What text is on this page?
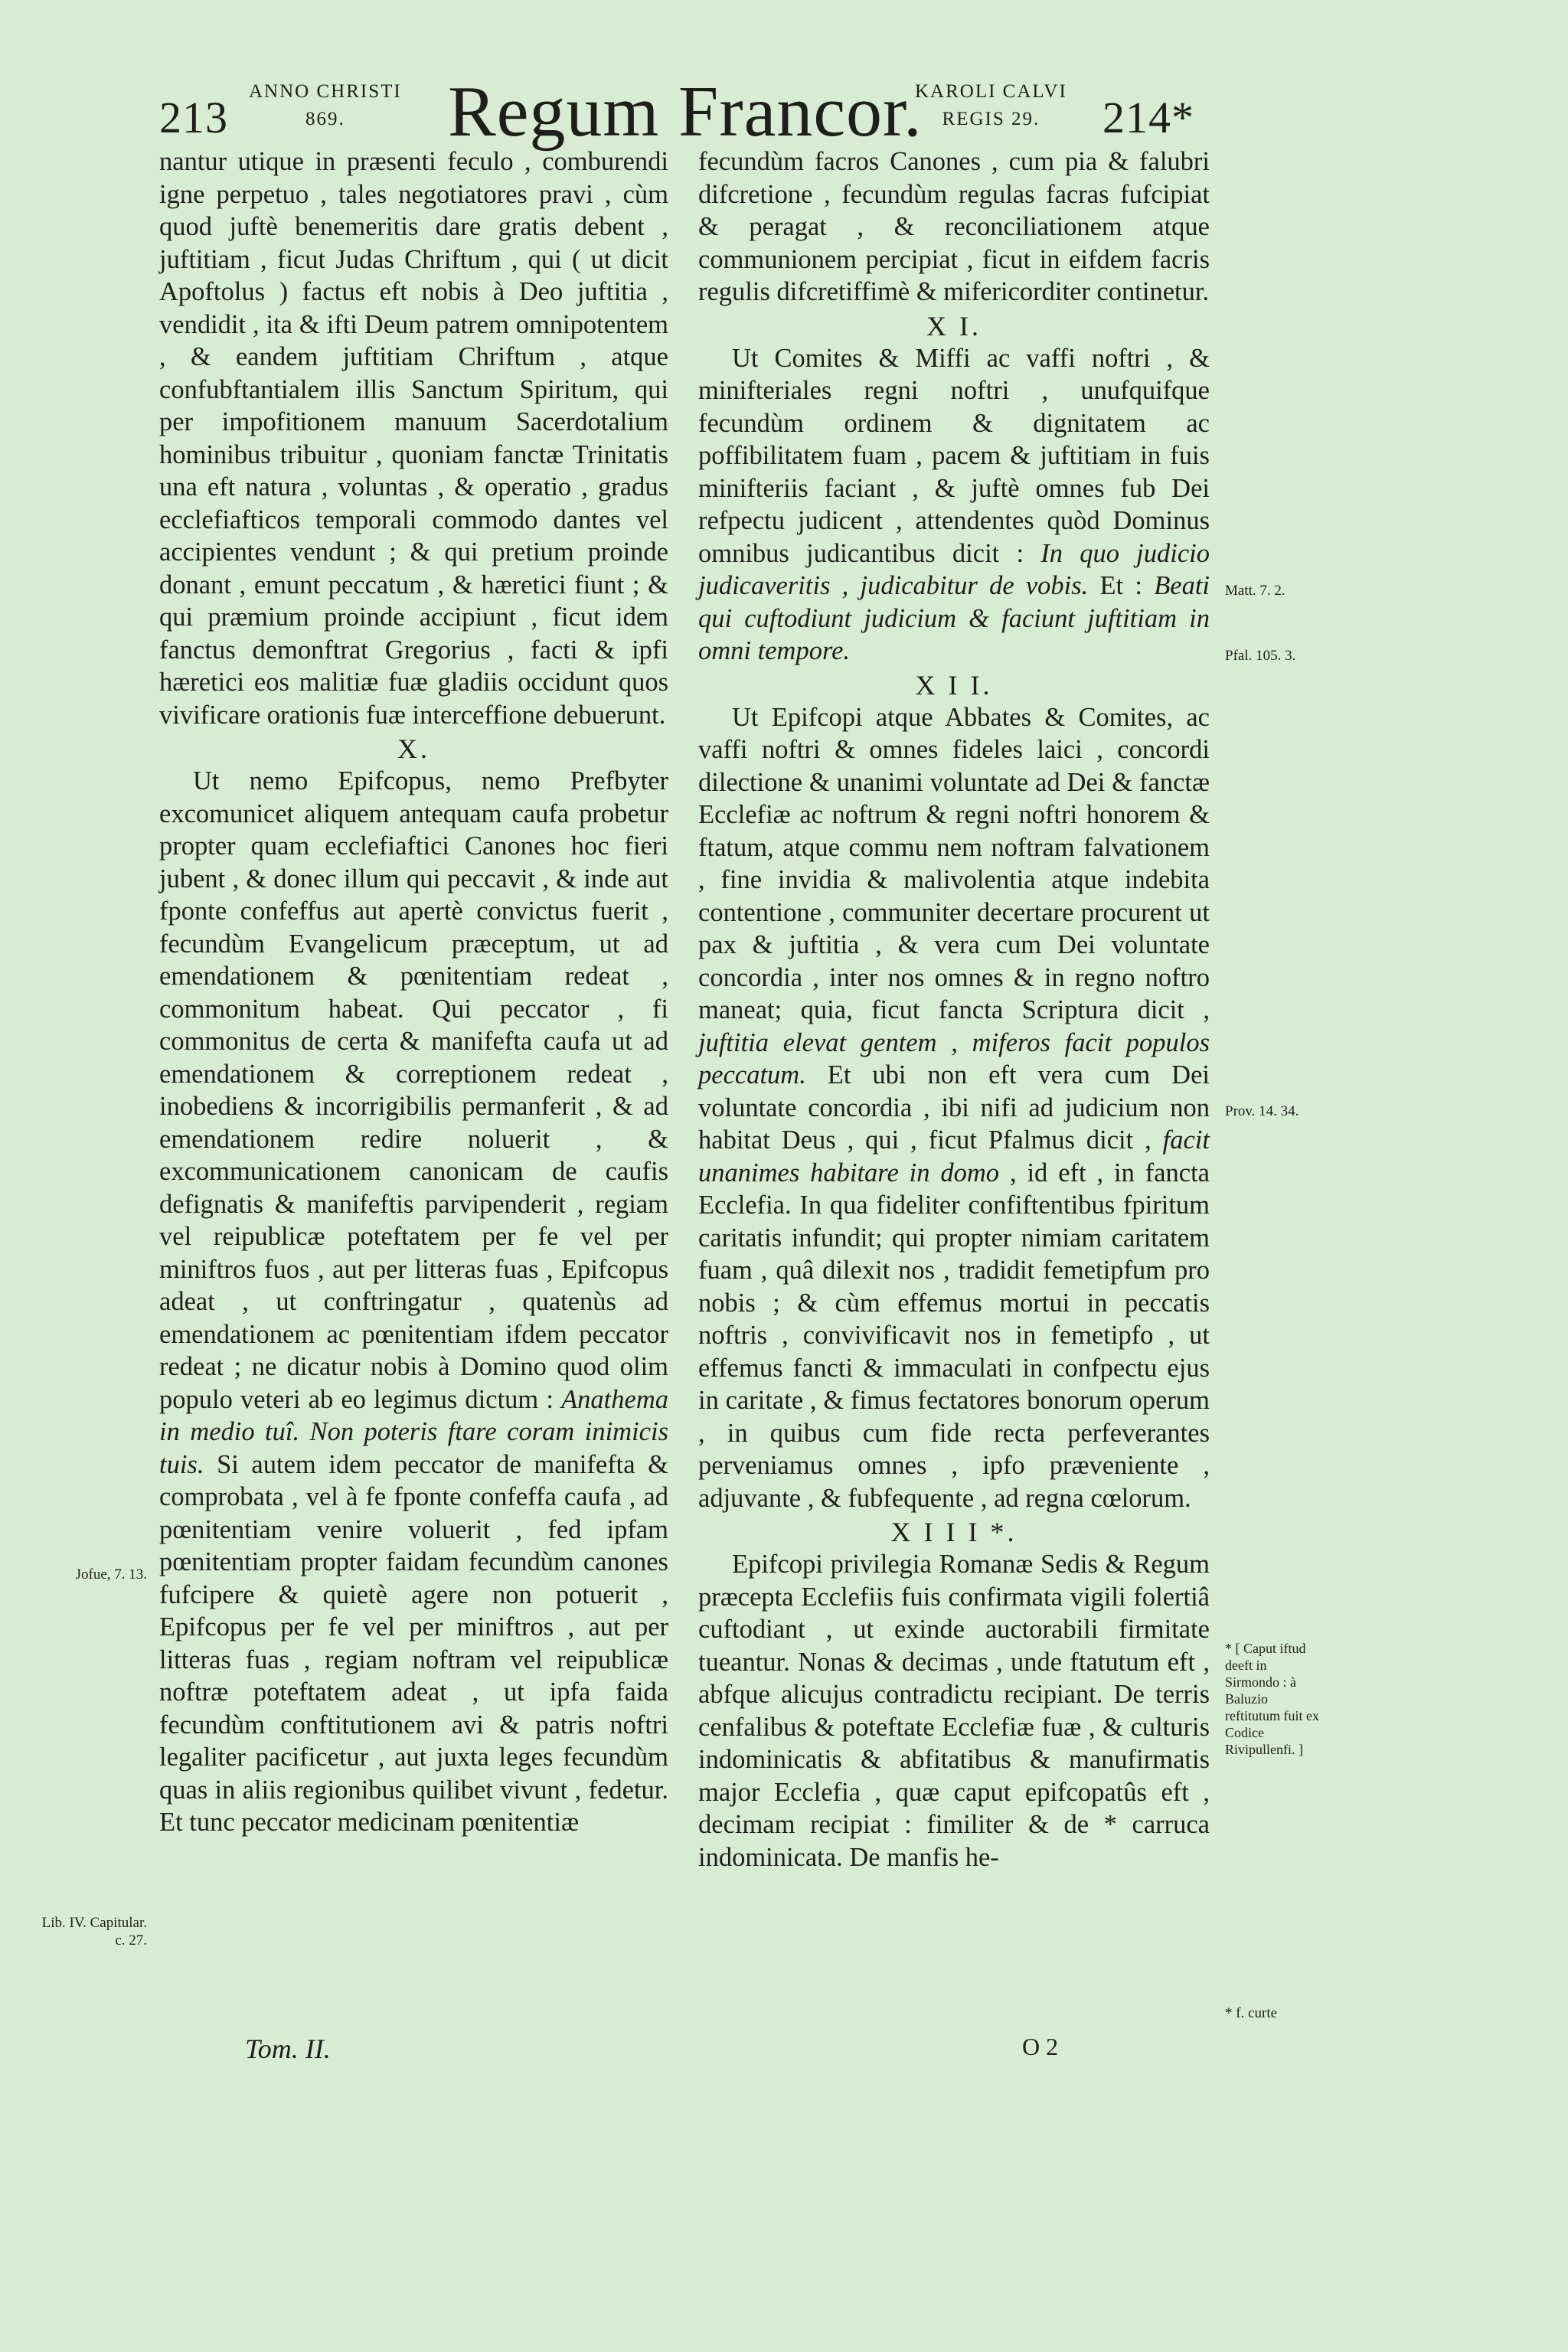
213
ANNO CHRISTI
869.	Regum Francor.
KAROLI CALVI
REGIS 29.	214*

nantur utique in præsenti feculo , comburendi igne perpetuo , tales negotiatores pravi , cùm quod juftè benemeritis dare gratis debent , juftitiam , ficut Judas Chriftum , qui ( ut dicit Apoftolus ) factus eft nobis à Deo juftitia , vendidit , ita & ifti Deum patrem omnipotentem , & eandem juftitiam Chriftum , atque confubftantialem illis Sanctum Spiritum, qui per impofitionem manuum Sacerdotalium hominibus tribuitur , quoniam fanctæ Trinitatis una eft natura , voluntas , & operatio , gradus ecclefiafticos temporali commodo dantes vel accipientes vendunt ; & qui pretium proinde donant , emunt peccatum , & hæretici fiunt ; & qui præmium proinde accipiunt , ficut idem fanctus demonftrat Gregorius , facti & ipfi hæretici eos malitiæ fuæ gladiis occidunt quos vivificare orationis fuæ interceffione debuerunt.

X.

Ut nemo Epifcopus, nemo Prefbyter excomunicet aliquem antequam caufa probetur propter quam ecclefiaftici Canones hoc fieri jubent , & donec illum qui peccavit , & inde aut fponte confeffus aut apertè convictus fuerit , fecundùm Evangelicum præceptum, ut ad emendationem & pœnitentiam redeat , commonitum habeat. Qui peccator , fi commonitus de certa & manifefta caufa ut ad emendationem & correptionem redeat , inobediens & incorrigibilis permanferit , & ad emendationem redire noluerit , & excommunicationem canonicam de caufis defignatis & manifeftis parvipenderit , regiam vel reipublicæ poteftatem per fe vel per miniftros fuos , aut per litteras fuas , Epifcopus adeat , ut conftringatur , quatenùs ad emendationem ac pœnitentiam ifdem peccator redeat ; ne dicatur nobis à Domino quod olim populo veteri ab eo legimus dictum : Anathema in medio tuî. Non poteris ftare coram inimicis tuis. Si autem idem peccator de manifefta & comprobata , vel à fe fponte confeffa caufa , ad pœnitentiam venire voluerit , fed ipfam pœnitentiam propter faidam fecundùm canones fufcipere & quietè agere non potuerit , Epifcopus per fe vel per miniftros , aut per litteras fuas , regiam noftram vel reipublicæ noftræ poteftatem adeat , ut ipfa faida fecundùm conftitutionem avi & patris noftri legaliter pacificetur , aut juxta leges fecundùm quas in aliis regionibus quilibet vivunt , fedetur. Et tunc peccator medicinam pœnitentiæ

Tom. II.

fecundùm facros Canones , cum pia & falubri difcretione , fecundùm regulas facras fufcipiat & peragat , & reconciliationem atque communionem percipiat , ficut in eifdem facris regulis difcretiffimè & mifericorditer continetur.

X I.

Ut Comites & Miffi ac vaffi noftri , & minifteriales regni noftri , unufquifque fecundùm ordinem & dignitatem ac poffibilitatem fuam , pacem & juftitiam in fuis minifteriis faciant , & juftè omnes fub Dei refpectu judicent , attendentes quòd Dominus omnibus judicantibus dicit : In quo judicio judicaveritis , judicabitur de vobis. Et : Beati qui cuftodiunt judicium & faciunt juftitiam in omni tempore.

X I I.

Ut Epifcopi atque Abbates & Comites, ac vaffi noftri & omnes fideles laici , concordi dilectione & unanimi voluntate ad Dei & fanctæ Ecclefiæ ac noftrum & regni noftri honorem & ftatum, atque commu nem noftram falvationem , fine invidia & malivolentia atque indebita contentione , communiter decertare procurent ut pax & juftitia , & vera cum Dei voluntate concordia , inter nos omnes & in regno noftro maneat; quia, ficut fancta Scriptura dicit , juftitia elevat gentem , miferos facit populos peccatum. Et ubi non eft vera cum Dei voluntate concordia , ibi nifi ad judicium non habitat Deus , qui , ficut Pfalmus dicit , facit unanimes habitare in domo , id eft , in fancta Ecclefia. In qua fideliter confiftentibus fpiritum caritatis infundit; qui propter nimiam caritatem fuam , quâ dilexit nos , tradidit femetipfum pro nobis ; & cùm effemus mortui in peccatis noftris , convivificavit nos in femetipfo , ut effemus fancti & immaculati in confpectu ejus in caritate , & fimus fectatores bonorum operum , in quibus cum fide recta perfeverantes perveniamus omnes , ipfo præveniente , adjuvante , & fubfequente , ad regna cœlorum.

X I I I *.

Epifcopi privilegia Romanæ Sedis & Regum præcepta Ecclefiis fuis confirmata vigili folertiâ cuftodiant , ut exinde auctorabili firmitate tueantur. Nonas & decimas , unde ftatutum eft , abfque alicujus contradictu recipiant. De terris cenfalibus & poteftate Ecclefiæ fuæ , & culturis indominicatis & abfitatibus & manufirmatis major Ecclefia , quæ caput epifcopatûs eft , decimam recipiat : fimiliter & de * carruca indominicata. De manfis he-

O 2
Matt. 7. 2.
Pfal. 105. 3.
Prov. 14. 34.
* [ Caput iftud deeft in Sirmondo : à Baluzio reftitutum fuit ex Codice Rivipullenfi. ]
* f. curte
Jofue, 7. 13.
Lib. IV. Capitular. c. 27.
